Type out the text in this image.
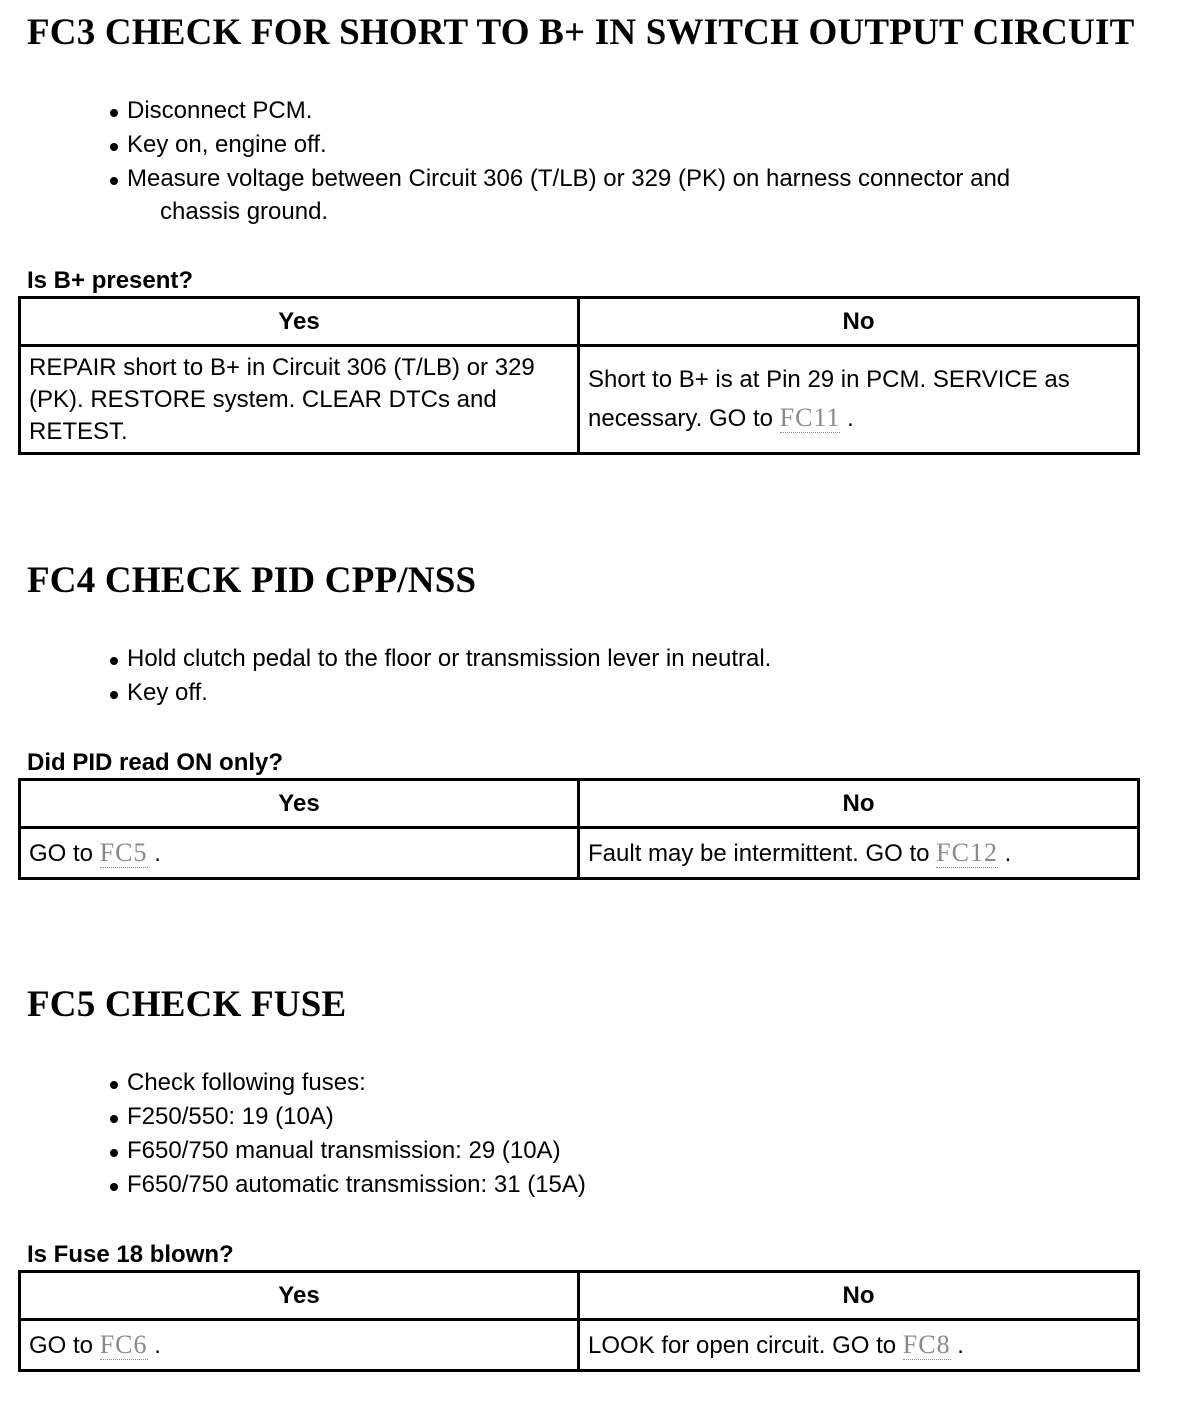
FC3 CHECK FOR SHORT TO B+ IN SWITCH OUTPUT CIRCUIT
Disconnect PCM.
Key on, engine off.
Measure voltage between Circuit 306 (T/LB) or 329 (PK) on harness connector and
chassis ground.

Is B+ present?

Yes	No

REPAIR short to B+ in Circuit 306 (T/LB) or 329 (PK). RESTORE system. CLEAR DTCs and RETEST.	Short to B+ is at Pin 29 in PCM. SERVICE as necessary. GO to FC11 .
FC4 CHECK PID CPP/NSS
Hold clutch pedal to the floor or transmission lever in neutral.
Key off.

Did PID read ON only?

Yes	No
GO to FC5 .	Fault may be intermittent. GO to FC12 .
FC5 CHECK FUSE
Check following fuses:
F250/550: 19 (10A)
F650/750 manual transmission: 29 (10A)
F650/750 automatic transmission: 31 (15A)

Is Fuse 18 blown?

Yes	No
GO to FC6 .	LOOK for open circuit. GO to FC8 .
